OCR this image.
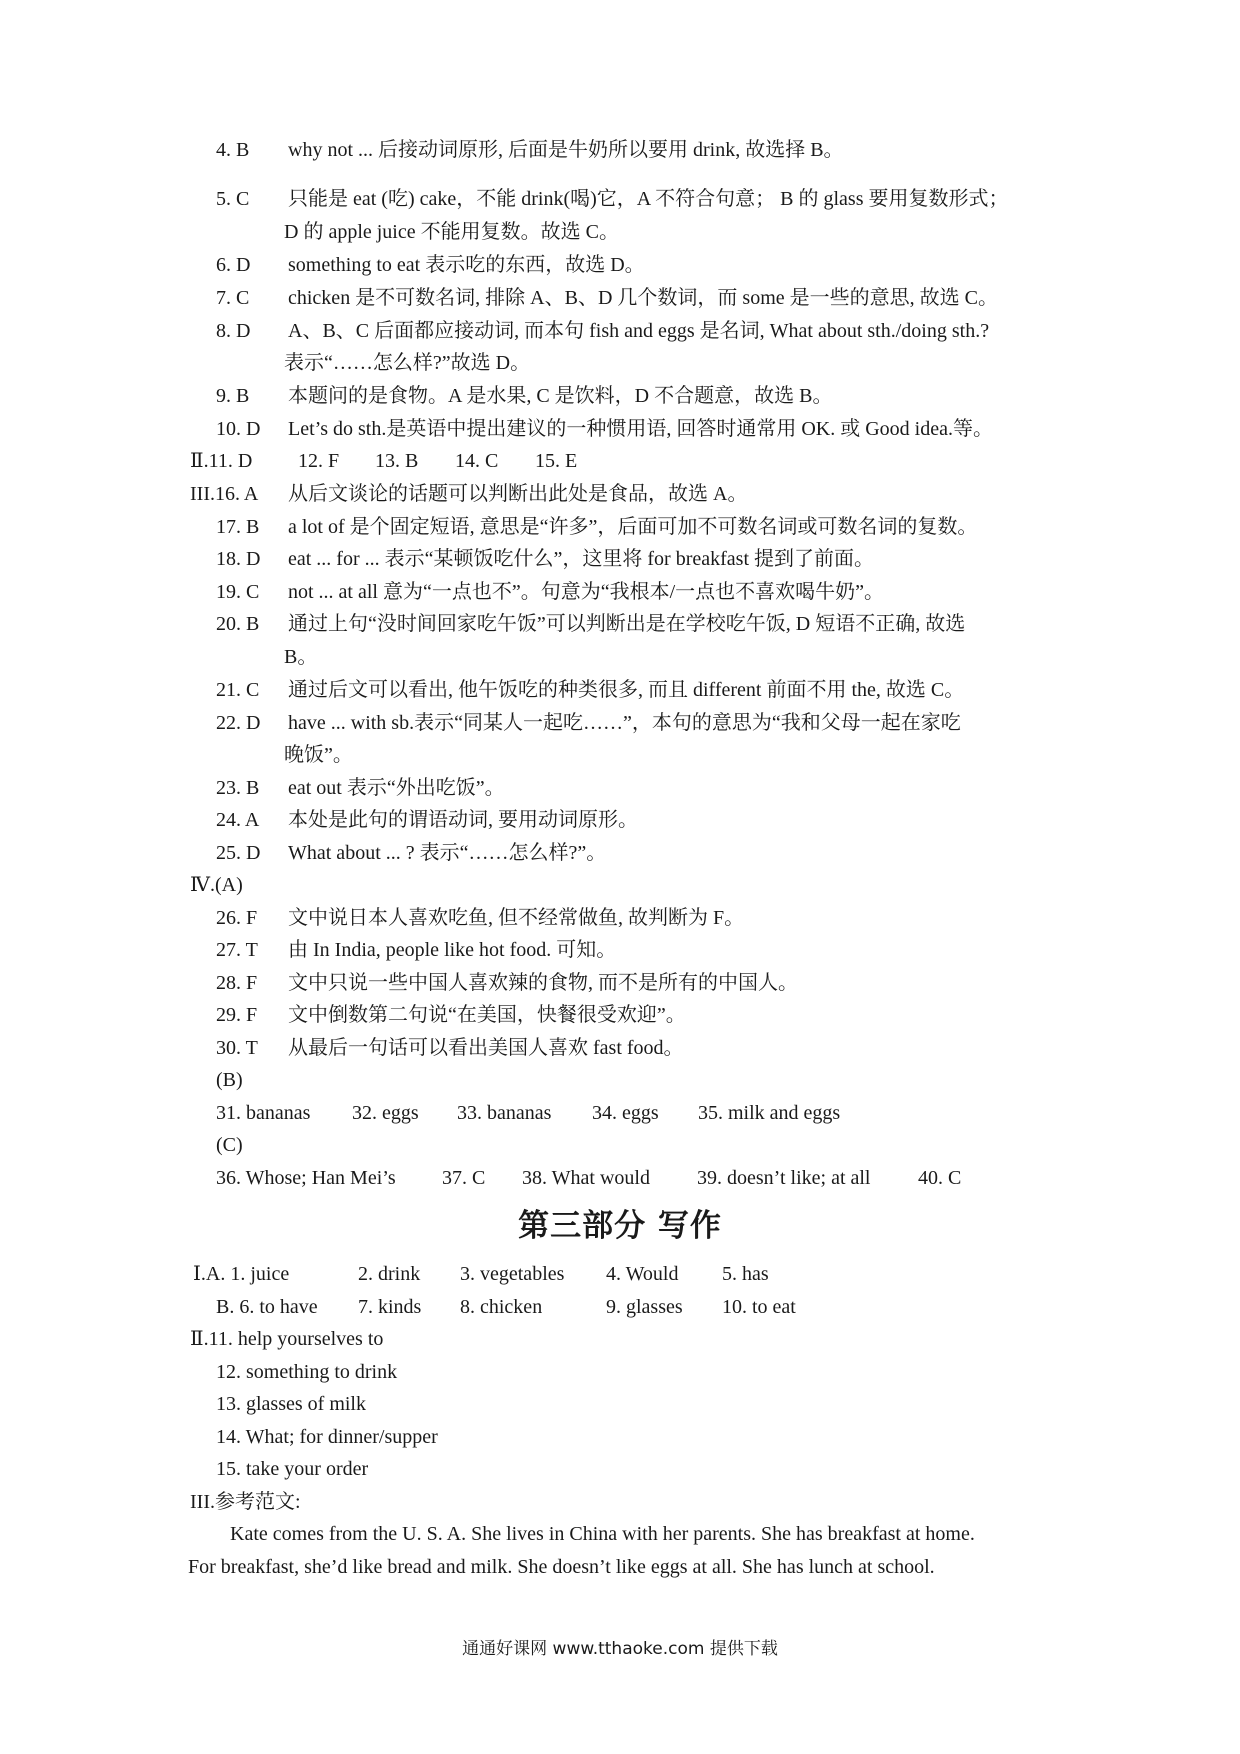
4. B why not ... 后接动词原形, 后面是牛奶所以要用 drink, 故选择 B。
5. C 只能是 eat (吃) cake，不能 drink(喝)它，A 不符合句意； B 的 glass 要用复数形式；
D 的 apple juice 不能用复数。故选 C。
6. D something to eat 表示吃的东西，故选 D。
7. C chicken 是不可数名词, 排除 A、B、D 几个数词，而 some 是一些的意思, 故选 C。
8. D A、B、C 后面都应接动词, 而本句 fish and eggs 是名词, What about sth./doing sth.?
表示“……怎么样?”故选 D。
9. B 本题问的是食物。A 是水果, C 是饮料，D 不合题意，故选 B。
10. D Let’s do sth.是英语中提出建议的一种惯用语, 回答时通常用 OK. 或 Good idea.等。
Ⅱ.11. D 12. F 13. B 14. C 15. E
III.16. A 从后文谈论的话题可以判断出此处是食品，故选 A。
17. B a lot of 是个固定短语, 意思是“许多”，后面可加不可数名词或可数名词的复数。
18. D eat ... for ... 表示“某顿饭吃什么”，这里将 for breakfast 提到了前面。
19. C not ... at all 意为“一点也不”。句意为“我根本/一点也不喜欢喝牛奶”。
20. B 通过上句“没时间回家吃午饭”可以判断出是在学校吃午饭, D 短语不正确, 故选
B。
21. C 通过后文可以看出, 他午饭吃的种类很多, 而且 different 前面不用 the, 故选 C。
22. D have ... with sb.表示“同某人一起吃……”，本句的意思为“我和父母一起在家吃
晚饭”。
23. B eat out 表示“外出吃饭”。
24. A 本处是此句的谓语动词, 要用动词原形。
25. D What about ... ? 表示“……怎么样?”。
Ⅳ.(A)
26. F 文中说日本人喜欢吃鱼, 但不经常做鱼, 故判断为 F。
27. T 由 In India, people like hot food. 可知。
28. F 文中只说一些中国人喜欢辣的食物, 而不是所有的中国人。
29. F 文中倒数第二句说“在美国，快餐很受欢迎”。
30. T 从最后一句话可以看出美国人喜欢 fast food。
(B)
31. bananas 32. eggs 33. bananas 34. eggs 35. milk and eggs
(C)
36. Whose; Han Mei’s 37. C 38. What would 39. doesn’t like; at all 40. C
第三部分 写作
Ⅰ.A. 1. juice	2. drink 3. vegetables 4. Would 5. has
B. 6. to have 7. kinds 8. chicken	9. glasses 10. to eat
Ⅱ.11. help yourselves to
12. something to drink
13. glasses of milk
14. What; for dinner/supper
15. take your order
III.参考范文:
Kate comes from the U. S. A. She lives in China with her parents. She has breakfast at home.
For breakfast, she’d like bread and milk. She doesn’t like eggs at all. She has lunch at school.
通通好课网 www.tthaoke.com 提供下载
